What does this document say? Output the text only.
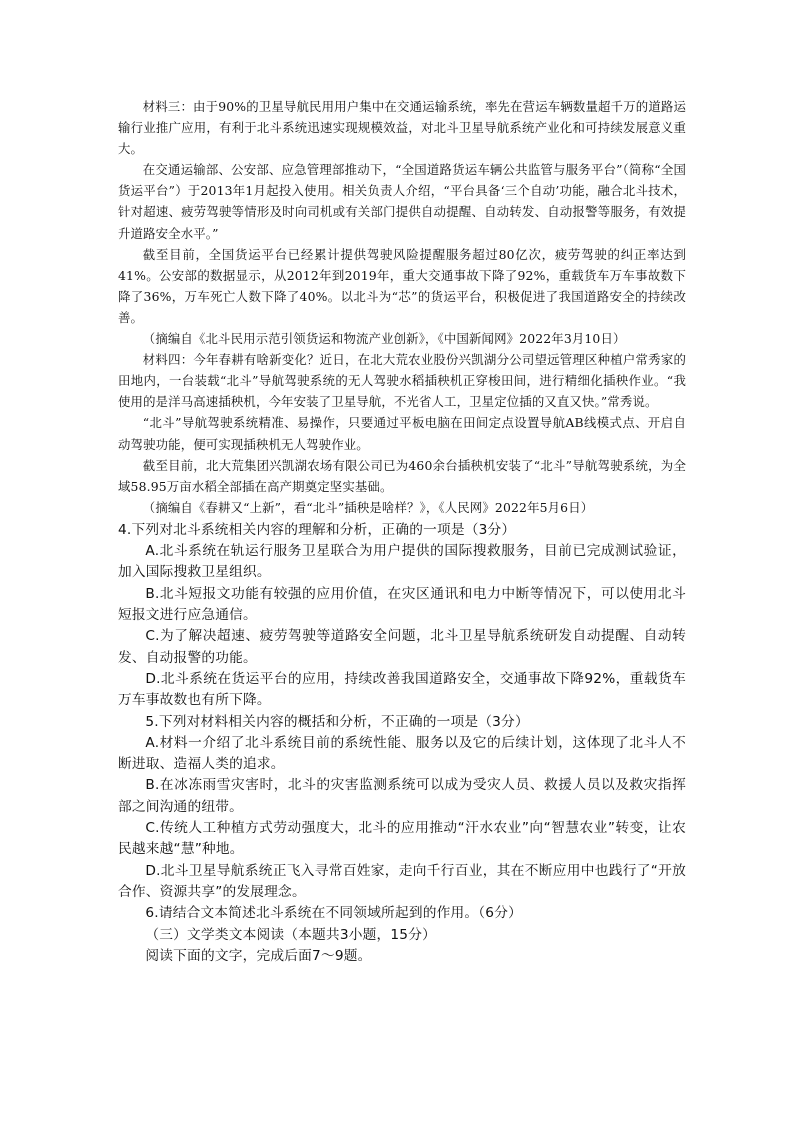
材料三：由于90%的卫星导航民用用户集中在交通运输系统，率先在营运车辆数量超千万的道路运输行业推广应用，有利于北斗系统迅速实现规模效益，对北斗卫星导航系统产业化和可持续发展意义重大。

在交通运输部、公安部、应急管理部推动下，“全国道路货运车辆公共监管与服务平台”（简称“全国货运平台”）于2013年1月起投入使用。相关负责人介绍，“平台具备‘三个自动’功能，融合北斗技术，针对超速、疲劳驾驶等情形及时向司机或有关部门提供自动提醒、自动转发、自动报警等服务，有效提升道路安全水平。”

截至目前，全国货运平台已经累计提供驾驶风险提醒服务超过80亿次，疲劳驾驶的纠正率达到41%。公安部的数据显示，从2012年到2019年，重大交通事故下降了92%，重载货车万车事故数下降了36%，万车死亡人数下降了40%。以北斗为“芯”的货运平台，积极促进了我国道路安全的持续改善。

（摘编自《北斗民用示范引领货运和物流产业创新》，《中国新闻网》2022年3月10日）

材料四：今年春耕有啥新变化？近日，在北大荒农业股份兴凯湖分公司望远管理区种植户常秀家的田地内，一台装载“北斗”导航驾驶系统的无人驾驶水稻插秧机正穿梭田间，进行精细化插秧作业。“我使用的是洋马高速插秧机，今年安装了卫星导航，不光省人工，卫星定位插的又直又快。”常秀说。

“北斗”导航驾驶系统精准、易操作，只要通过平板电脑在田间定点设置导航AB线模式点、开启自动驾驶功能，便可实现插秧机无人驾驶作业。

截至目前，北大荒集团兴凯湖农场有限公司已为460余台插秧机安装了“北斗”导航驾驶系统，为全域58.95万亩水稻全部插在高产期奠定坚实基础。

（摘编自《春耕又“上新”，看“北斗”插秧是啥样？》，《人民网》2022年5月6日）

4.下列对北斗系统相关内容的理解和分析，正确的一项是（3分）

A.北斗系统在轨运行服务卫星联合为用户提供的国际搜救服务，目前已完成测试验证，加入国际搜救卫星组织。

B.北斗短报文功能有较强的应用价值，在灾区通讯和电力中断等情况下，可以使用北斗短报文进行应急通信。

C.为了解决超速、疲劳驾驶等道路安全问题，北斗卫星导航系统研发自动提醒、自动转发、自动报警的功能。

D.北斗系统在货运平台的应用，持续改善我国道路安全，交通事故下降92%，重载货车万车事故数也有所下降。

5.下列对材料相关内容的概括和分析，不正确的一项是（3分）

A.材料一介绍了北斗系统目前的系统性能、服务以及它的后续计划，这体现了北斗人不断进取、造福人类的追求。

B.在冰冻雨雪灾害时，北斗的灾害监测系统可以成为受灾人员、救援人员以及救灾指挥部之间沟通的纽带。

C.传统人工种植方式劳动强度大，北斗的应用推动“汗水农业”向“智慧农业”转变，让农民越来越“慧”种地。

D.北斗卫星导航系统正飞入寻常百姓家，走向千行百业，其在不断应用中也践行了“开放合作、资源共享”的发展理念。

6.请结合文本简述北斗系统在不同领域所起到的作用。（6分）

（三）文学类文本阅读（本题共3小题，15分）

阅读下面的文字，完成后面7～9题。
